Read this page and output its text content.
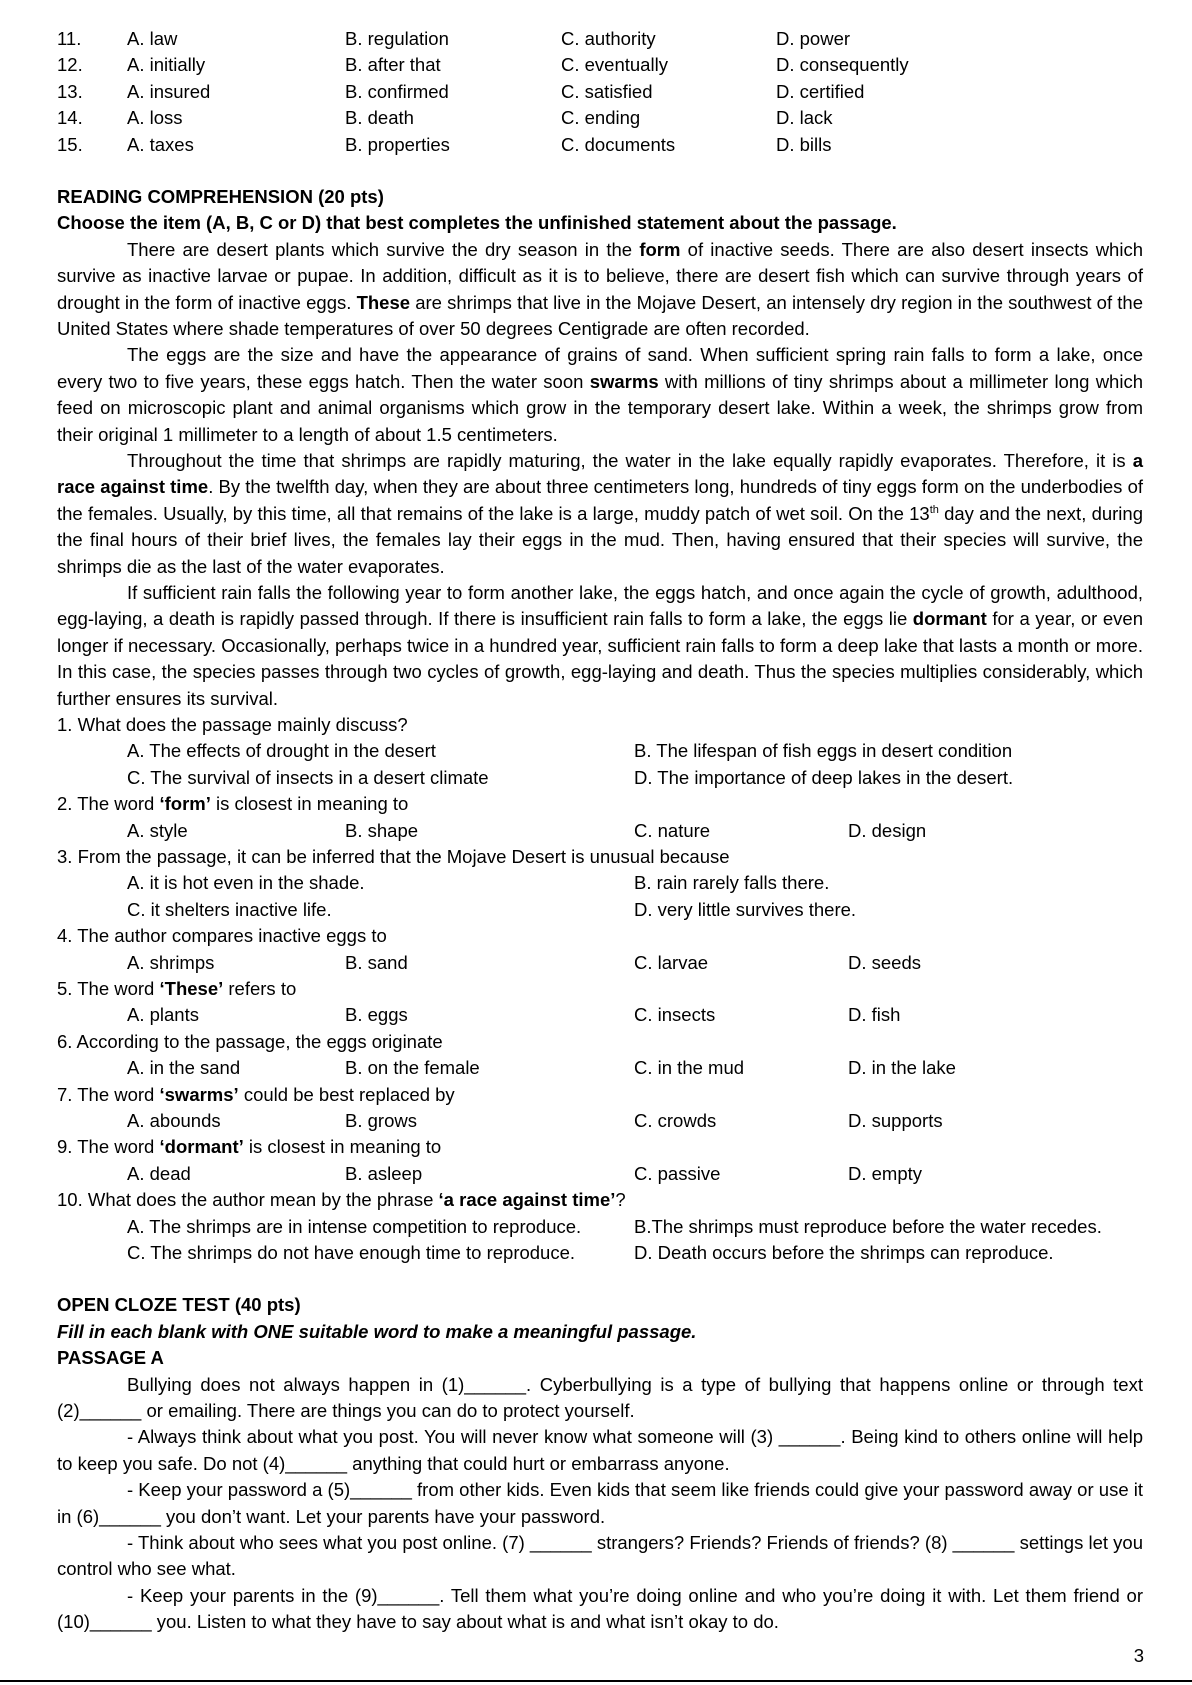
11. A. law	B. regulation	C. authority	D. power
12. A. initially	B. after that	C. eventually	D. consequently
13. A. insured	B. confirmed	C. satisfied	D. certified
14. A. loss	B. death	C. ending	D. lack
15. A. taxes	B. properties	C. documents	D. bills
READING COMPREHENSION (20 pts)
Choose the item (A, B, C or D) that best completes the unfinished statement about the passage.

There are desert plants which survive the dry season in the form of inactive seeds. There are also desert insects which survive as inactive larvae or pupae. In addition, difficult as it is to believe, there are desert fish which can survive through years of drought in the form of inactive eggs. These are shrimps that live in the Mojave Desert, an intensely dry region in the southwest of the United States where shade temperatures of over 50 degrees Centigrade are often recorded.

The eggs are the size and have the appearance of grains of sand. When sufficient spring rain falls to form a lake, once every two to five years, these eggs hatch. Then the water soon swarms with millions of tiny shrimps about a millimeter long which feed on microscopic plant and animal organisms which grow in the temporary desert lake. Within a week, the shrimps grow from their original 1 millimeter to a length of about 1.5 centimeters.

Throughout the time that shrimps are rapidly maturing, the water in the lake equally rapidly evaporates. Therefore, it is a race against time. By the twelfth day, when they are about three centimeters long, hundreds of tiny eggs form on the underbodies of the females. Usually, by this time, all that remains of the lake is a large, muddy patch of wet soil. On the 13th day and the next, during the final hours of their brief lives, the females lay their eggs in the mud. Then, having ensured that their species will survive, the shrimps die as the last of the water evaporates.

If sufficient rain falls the following year to form another lake, the eggs hatch, and once again the cycle of growth, adulthood, egg-laying, a death is rapidly passed through. If there is insufficient rain falls to form a lake, the eggs lie dormant for a year, or even longer if necessary. Occasionally, perhaps twice in a hundred year, sufficient rain falls to form a deep lake that lasts a month or more. In this case, the species passes through two cycles of growth, egg-laying and death. Thus the species multiplies considerably, which further ensures its survival.

1. What does the passage mainly discuss?
A. The effects of drought in the desert	B. The lifespan of fish eggs in desert condition
C. The survival of insects in a desert climate	D. The importance of deep lakes in the desert.
2. The word ‘form’ is closest in meaning to
A. style	B. shape	C. nature	D. design
3. From the passage, it can be inferred that the Mojave Desert is unusual because
A. it is hot even in the shade.	B. rain rarely falls there.
C. it shelters inactive life.	D. very little survives there.
4. The author compares inactive eggs to
A. shrimps	B. sand	C. larvae	D. seeds
5. The word ‘These’ refers to
A. plants	B. eggs	C. insects	D. fish
6. According to the passage, the eggs originate
A. in the sand	B. on the female	C. in the mud	D. in the lake
7. The word ‘swarms’ could be best replaced by
A. abounds	B. grows	C. crowds	D. supports
9. The word ‘dormant’ is closest in meaning to
A. dead	B. asleep	C. passive	D. empty
10. What does the author mean by the phrase ‘a race against time’?
A. The shrimps are in intense competition to reproduce.	B.The shrimps must reproduce before the water recedes.
C. The shrimps do not have enough time to reproduce.	D. Death occurs before the shrimps can reproduce.
OPEN CLOZE TEST (40 pts)
Fill in each blank with ONE suitable word to make a meaningful passage.
PASSAGE A

Bullying does not always happen in (1)______. Cyberbullying is a type of bullying that happens online or through text (2)______ or emailing. There are things you can do to protect yourself.

- Always think about what you post. You will never know what someone will (3) ______. Being kind to others online will help to keep you safe. Do not (4)______ anything that could hurt or embarrass anyone.

- Keep your password a (5)______ from other kids. Even kids that seem like friends could give your password away or use it in (6)______ you don’t want. Let your parents have your password.

- Think about who sees what you post online. (7) ______ strangers? Friends? Friends of friends? (8) ______ settings let you control who see what.

- Keep your parents in the (9)______. Tell them what you’re doing online and who you’re doing it with. Let them friend or (10)______ you. Listen to what they have to say about what is and what isn’t okay to do.

3
